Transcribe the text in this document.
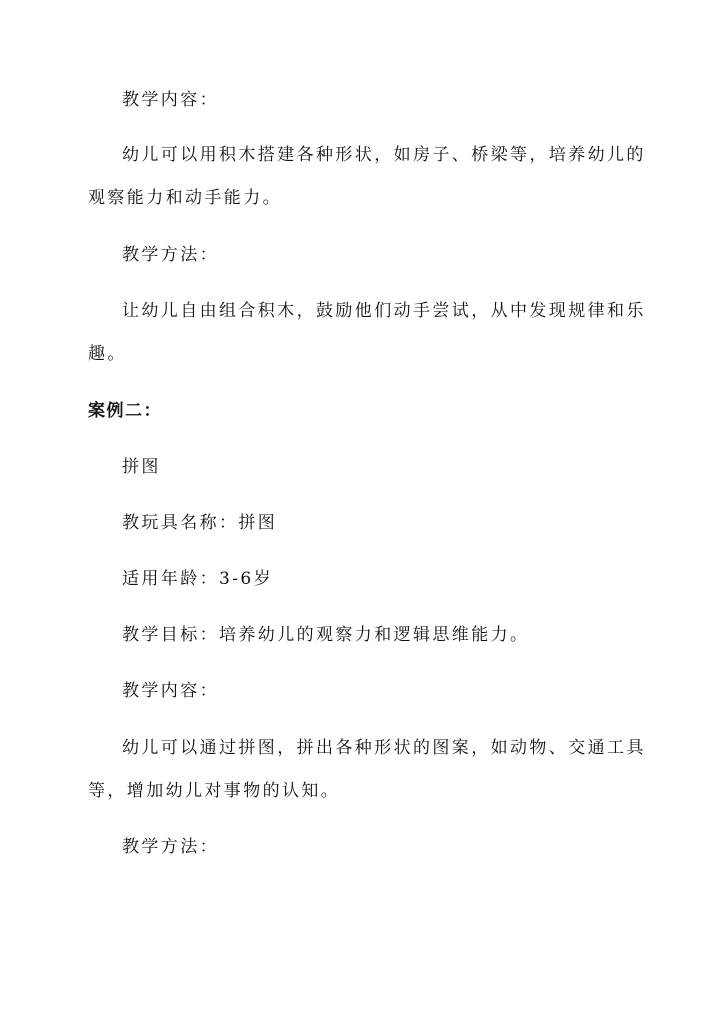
教学内容：
幼儿可以用积木搭建各种形状，如房子、桥梁等，培养幼儿的
观察能力和动手能力。
教学方法：
让幼儿自由组合积木，鼓励他们动手尝试，从中发现规律和乐
趣。
案例二：
拼图
教玩具名称：拼图
适用年龄：3-6岁
教学目标：培养幼儿的观察力和逻辑思维能力。
教学内容：
幼儿可以通过拼图，拼出各种形状的图案，如动物、交通工具
等，增加幼儿对事物的认知。
教学方法：
